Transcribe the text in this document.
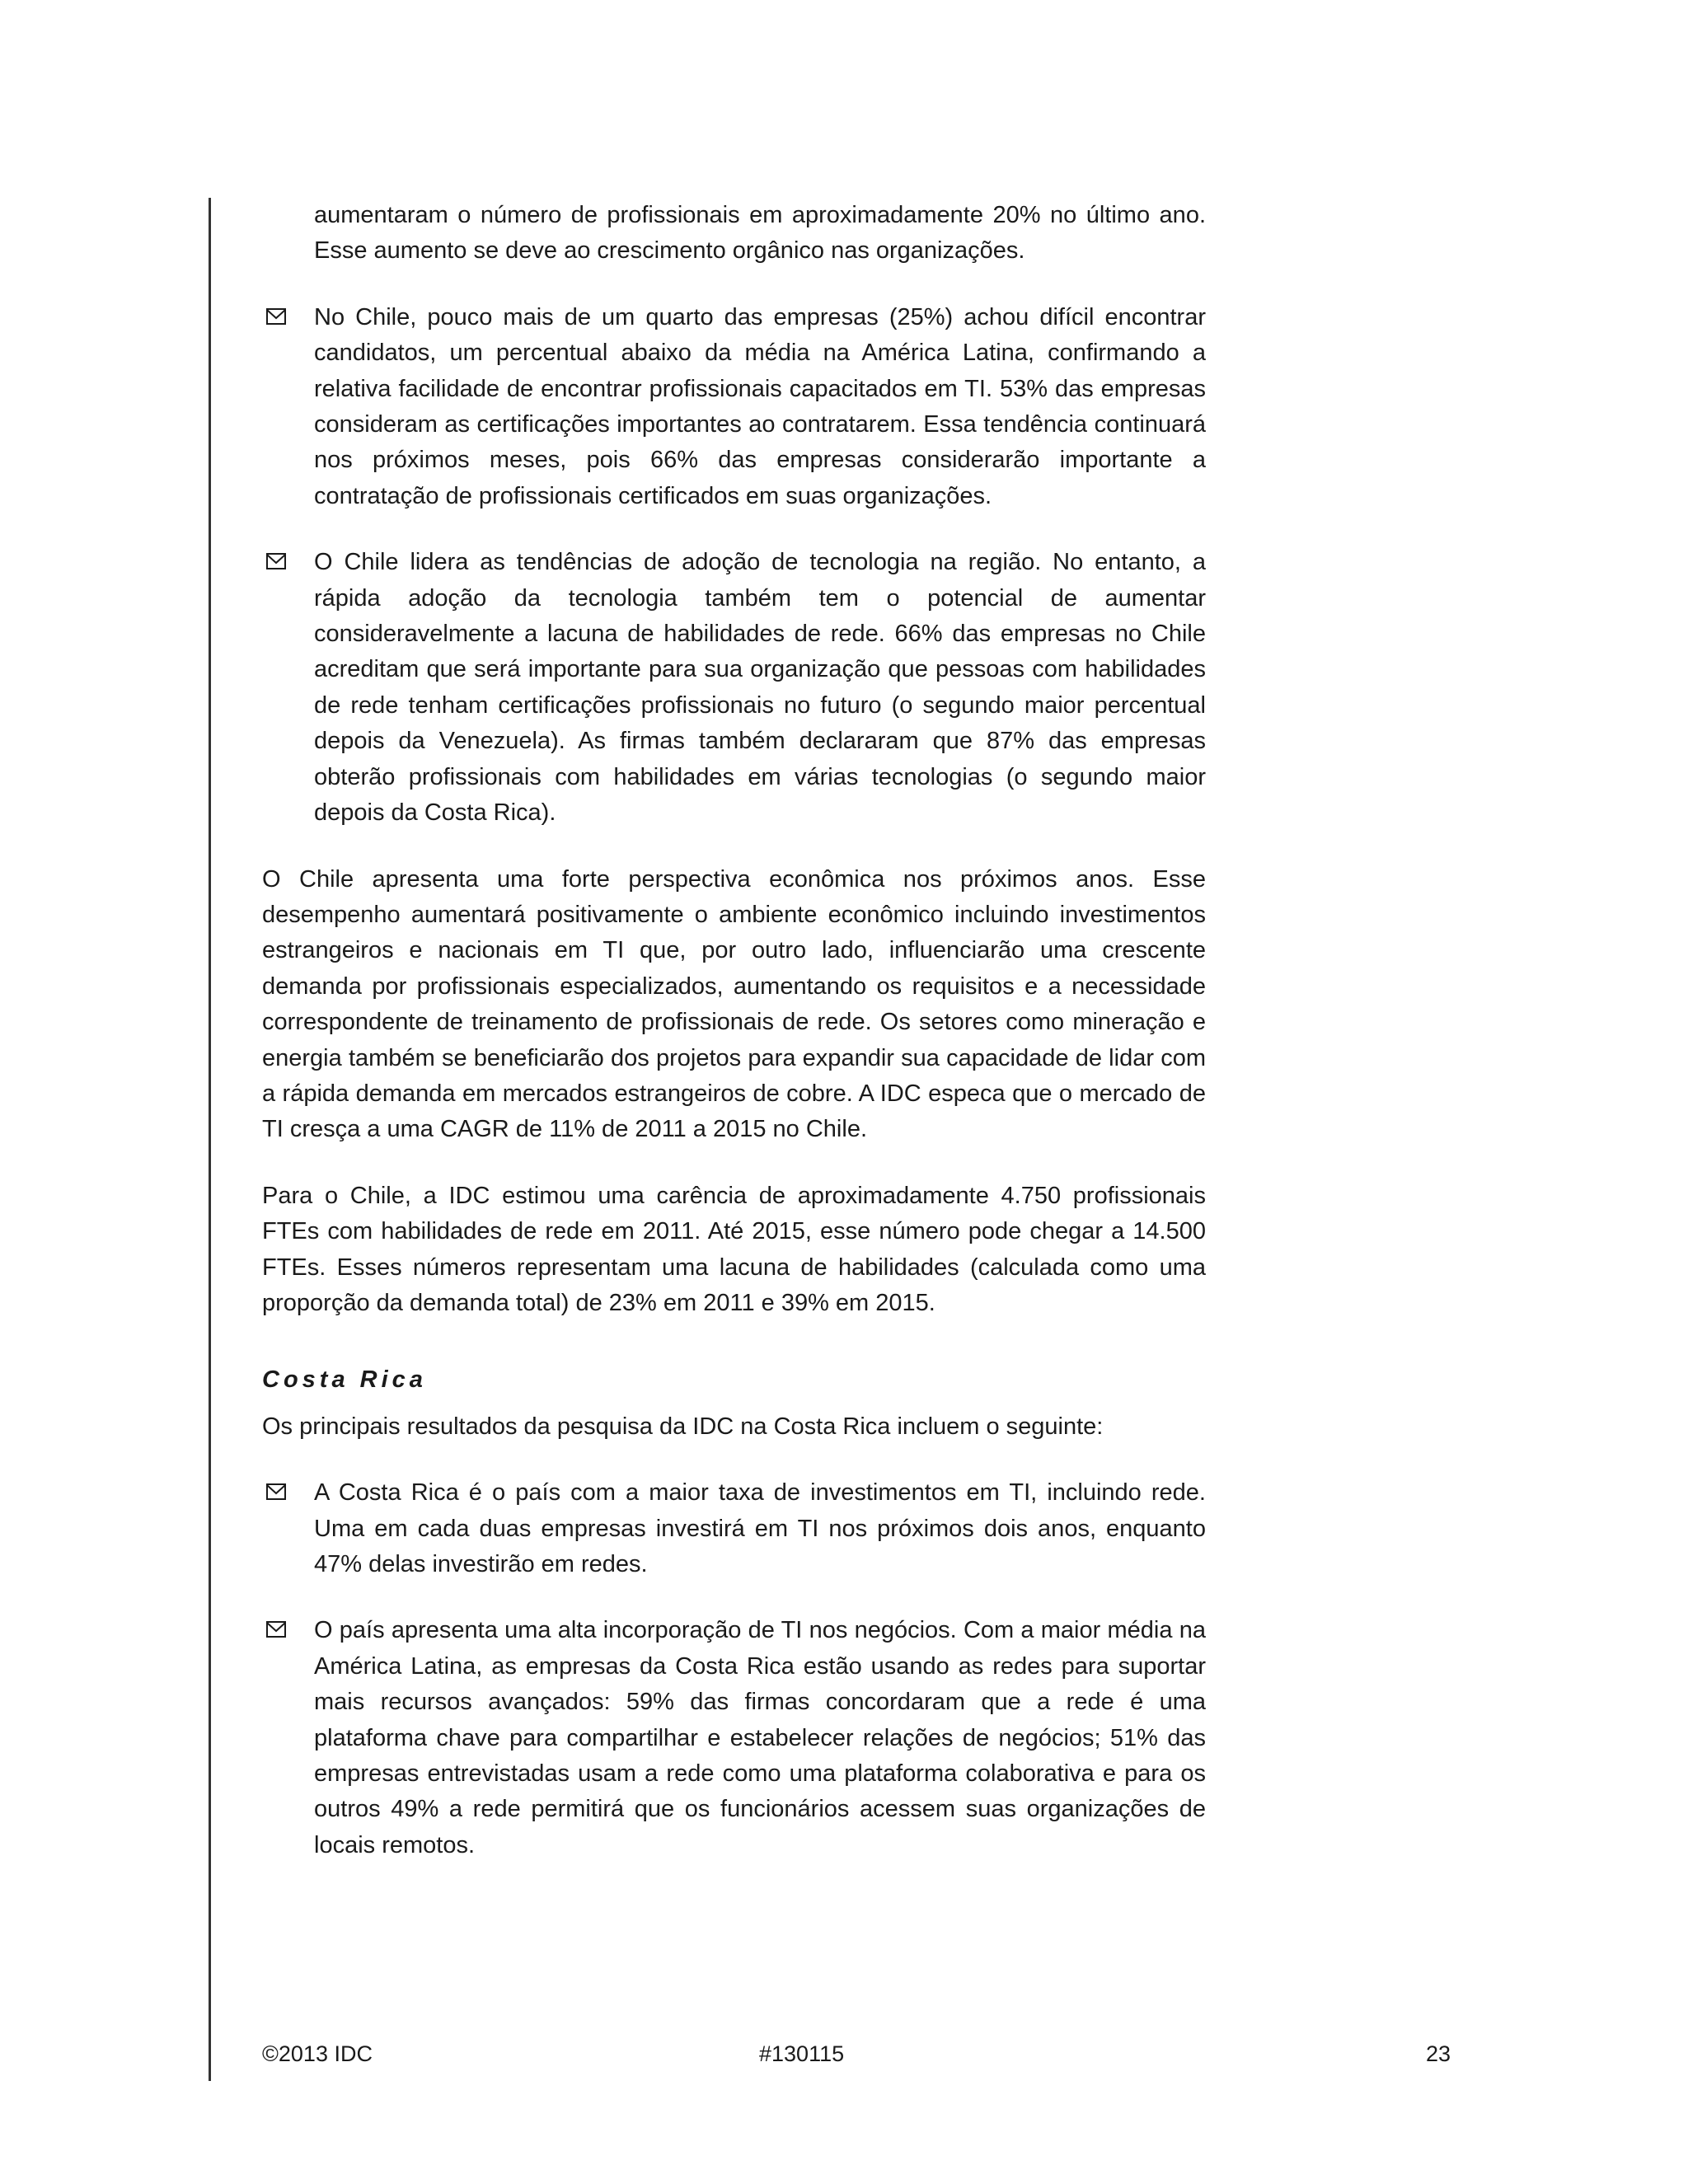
aumentaram o número de profissionais em aproximadamente 20% no último ano. Esse aumento se deve ao crescimento orgânico nas organizações.

No Chile, pouco mais de um quarto das empresas (25%) achou difícil encontrar candidatos, um percentual abaixo da média na América Latina, confirmando a relativa facilidade de encontrar profissionais capacitados em TI. 53% das empresas consideram as certificações importantes ao contratarem. Essa tendência continuará nos próximos meses, pois 66% das empresas considerarão importante a contratação de profissionais certificados em suas organizações.
O Chile lidera as tendências de adoção de tecnologia na região. No entanto, a rápida adoção da tecnologia também tem o potencial de aumentar consideravelmente a lacuna de habilidades de rede. 66% das empresas no Chile acreditam que será importante para sua organização que pessoas com habilidades de rede tenham certificações profissionais no futuro (o segundo maior percentual depois da Venezuela). As firmas também declararam que 87% das empresas obterão profissionais com habilidades em várias tecnologias (o segundo maior depois da Costa Rica).

O Chile apresenta uma forte perspectiva econômica nos próximos anos. Esse desempenho aumentará positivamente o ambiente econômico incluindo investimentos estrangeiros e nacionais em TI que, por outro lado, influenciarão uma crescente demanda por profissionais especializados, aumentando os requisitos e a necessidade correspondente de treinamento de profissionais de rede. Os setores como mineração e energia também se beneficiarão dos projetos para expandir sua capacidade de lidar com a rápida demanda em mercados estrangeiros de cobre. A IDC especa que o mercado de TI cresça a uma CAGR de 11% de 2011 a 2015 no Chile.

Para o Chile, a IDC estimou uma carência de aproximadamente 4.750 profissionais FTEs com habilidades de rede em 2011. Até 2015, esse número pode chegar a 14.500 FTEs. Esses números representam uma lacuna de habilidades (calculada como uma proporção da demanda total) de 23% em 2011 e 39% em 2015.

Costa Rica

Os principais resultados da pesquisa da IDC na Costa Rica incluem o seguinte:

A Costa Rica é o país com a maior taxa de investimentos em TI, incluindo rede. Uma em cada duas empresas investirá em TI nos próximos dois anos, enquanto 47% delas investirão em redes.
O país apresenta uma alta incorporação de TI nos negócios. Com a maior média na América Latina, as empresas da Costa Rica estão usando as redes para suportar mais recursos avançados: 59% das firmas concordaram que a rede é uma plataforma chave para compartilhar e estabelecer relações de negócios; 51% das empresas entrevistadas usam a rede como uma plataforma colaborativa e para os outros 49% a rede permitirá que os funcionários acessem suas organizações de locais remotos.
©2013 IDC	#130115	23
